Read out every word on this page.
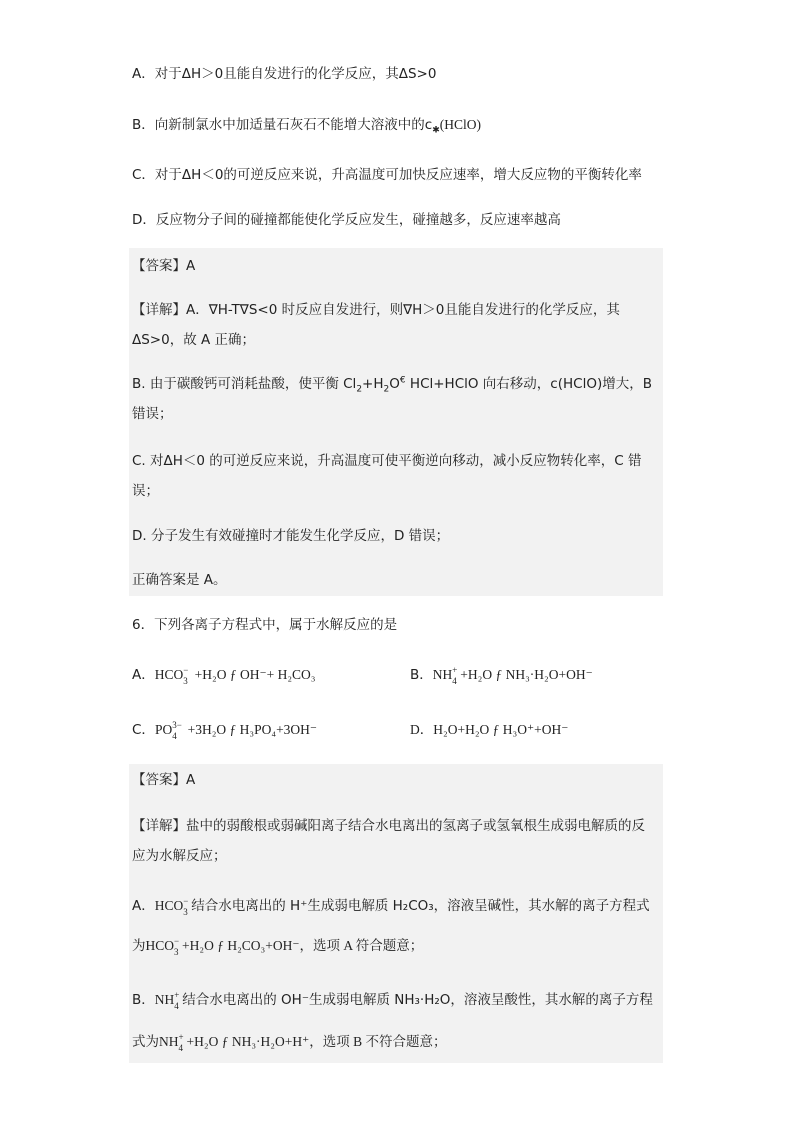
A．对于ΔH＞0且能自发进行的化学反应，其ΔS>0
B．向新制氯水中加适量石灰石不能增大溶液中的$c_✱(HClO)$
C．对于ΔH＜0的可逆反应来说，升高温度可加快反应速率，增大反应物的平衡转化率
D．反应物分子间的碰撞都能使化学反应发生，碰撞越多，反应速率越高
【答案】A
【详解】A．∇H-T∇S<0 时反应自发进行，则∇H＞0且能自发进行的化学反应，其
ΔS>0，故 A 正确；
B. 由于碳酸钙可消耗盐酸，使平衡 $Cl_2+H_2O^€$ HCl+HClO 向右移动，c(HClO)增大，B
错误；
C. 对ΔH＜0 的可逆反应来说，升高温度可使平衡逆向移动，减小反应物转化率，C 错
误；
D. 分子发生有效碰撞时才能发生化学反应，D 错误；
正确答案是 A。
6．下列各离子方程式中，属于水解反应的是
A．HCO −
3 +H₂O ƒ OH⁻+ H₂CO₃	B．NH +
4 +H₂O ƒ NH₃·H₂O+OH⁻
C．PO 3−
4 +3H₂O ƒ H₃PO₄+3OH⁻	D．H₂O+H₂O ƒ H₃O⁺+OH⁻
【答案】A
【详解】盐中的弱酸根或弱碱阳离子结合水电离出的氢离子或氢氧根生成弱电解质的反
应为水解反应；
A．HCO −
3 结合水电离出的 H⁺生成弱电解质 H₂CO₃，溶液呈碱性，其水解的离子方程式
为HCO −
3 +H₂O ƒ H₂CO₃+OH⁻，选项 A 符合题意；
B．NH +
4 结合水电离出的 OH⁻生成弱电解质 NH₃·H₂O，溶液呈酸性，其水解的离子方程
式为NH +
4 +H₂O ƒ NH₃·H₂O+H⁺，选项 B 不符合题意；
